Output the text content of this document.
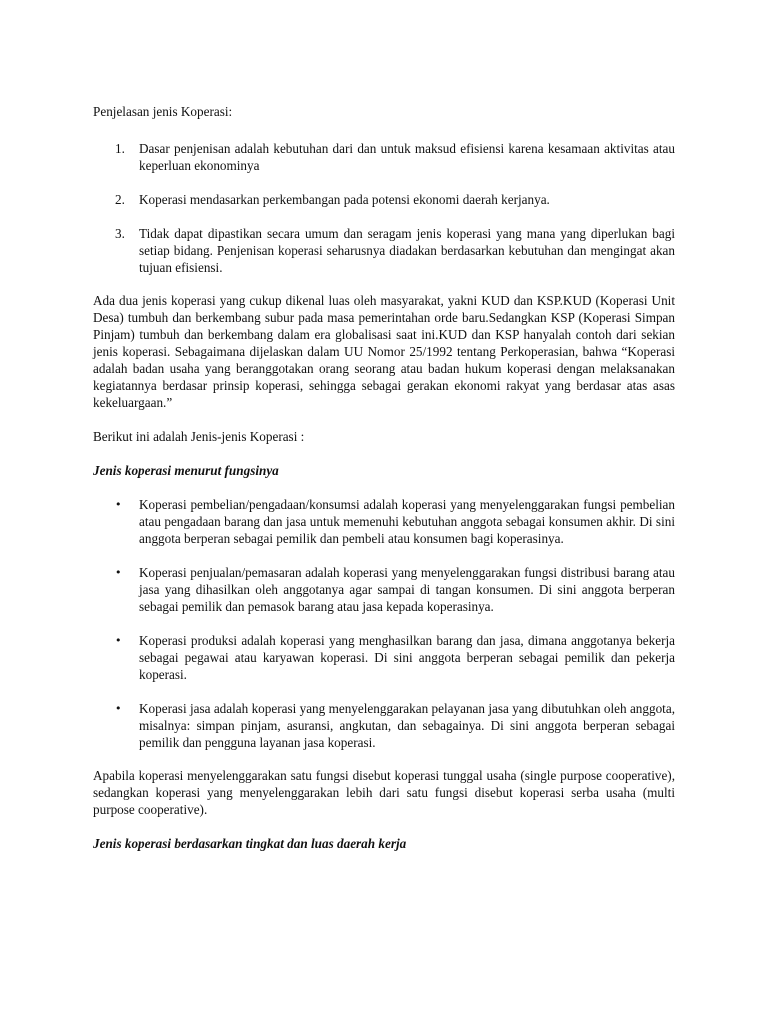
Penjelasan jenis Koperasi:

1. Dasar penjenisan adalah kebutuhan dari dan untuk maksud efisiensi karena kesamaan aktivitas atau keperluan ekonominya
2. Koperasi mendasarkan perkembangan pada potensi ekonomi daerah kerjanya.
3. Tidak dapat dipastikan secara umum dan seragam jenis koperasi yang mana yang diperlukan bagi setiap bidang. Penjenisan koperasi seharusnya diadakan berdasarkan kebutuhan dan mengingat akan tujuan efisiensi.

Ada dua jenis koperasi yang cukup dikenal luas oleh masyarakat, yakni KUD dan KSP.KUD (Koperasi Unit Desa) tumbuh dan berkembang subur pada masa pemerintahan orde baru.Sedangkan KSP (Koperasi Simpan Pinjam) tumbuh dan berkembang dalam era globalisasi saat ini.KUD dan KSP hanyalah contoh dari sekian jenis koperasi. Sebagaimana dijelaskan dalam UU Nomor 25/1992 tentang Perkoperasian, bahwa “Koperasi adalah badan usaha yang beranggotakan orang seorang atau badan hukum koperasi dengan melaksanakan kegiatannya berdasar prinsip koperasi, sehingga sebagai gerakan ekonomi rakyat yang berdasar atas asas kekeluargaan.”

Berikut ini adalah Jenis-jenis Koperasi :

Jenis koperasi menurut fungsinya

• Koperasi pembelian/pengadaan/konsumsi adalah koperasi yang menyelenggarakan fungsi pembelian atau pengadaan barang dan jasa untuk memenuhi kebutuhan anggota sebagai konsumen akhir. Di sini anggota berperan sebagai pemilik dan pembeli atau konsumen bagi koperasinya.
• Koperasi penjualan/pemasaran adalah koperasi yang menyelenggarakan fungsi distribusi barang atau jasa yang dihasilkan oleh anggotanya agar sampai di tangan konsumen. Di sini anggota berperan sebagai pemilik dan pemasok barang atau jasa kepada koperasinya.
• Koperasi produksi adalah koperasi yang menghasilkan barang dan jasa, dimana anggotanya bekerja sebagai pegawai atau karyawan koperasi. Di sini anggota berperan sebagai pemilik dan pekerja koperasi.
• Koperasi jasa adalah koperasi yang menyelenggarakan pelayanan jasa yang dibutuhkan oleh anggota, misalnya: simpan pinjam, asuransi, angkutan, dan sebagainya. Di sini anggota berperan sebagai pemilik dan pengguna layanan jasa koperasi.

Apabila koperasi menyelenggarakan satu fungsi disebut koperasi tunggal usaha (single purpose cooperative), sedangkan koperasi yang menyelenggarakan lebih dari satu fungsi disebut koperasi serba usaha (multi purpose cooperative).

Jenis koperasi berdasarkan tingkat dan luas daerah kerja
